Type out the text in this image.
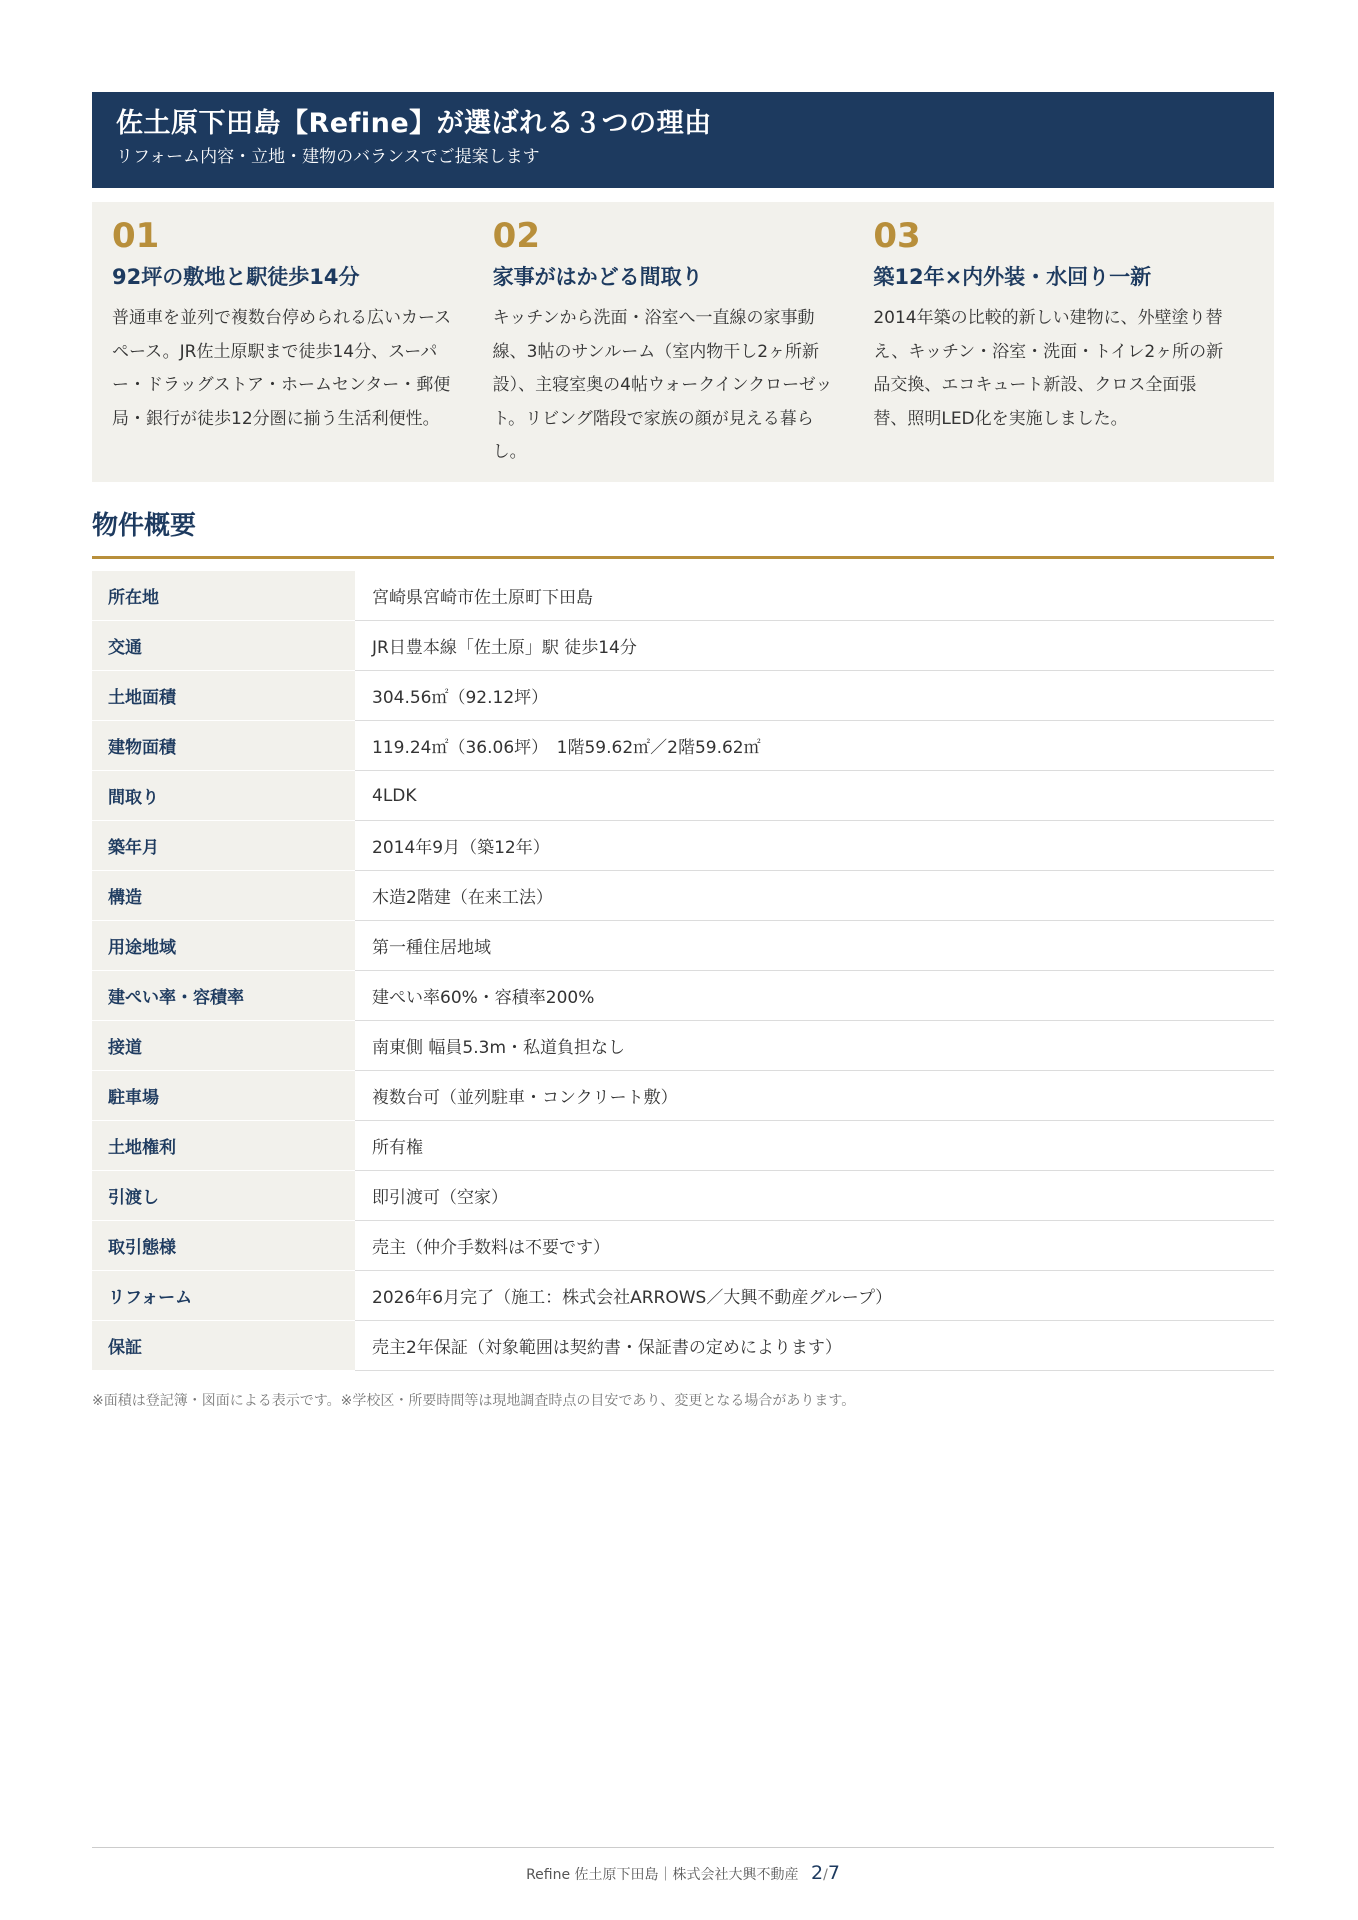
佐土原下田島【Refine】が選ばれる３つの理由
リフォーム内容・立地・建物のバランスでご提案します
01
92坪の敷地と駅徒歩14分
普通車を並列で複数台停められる広いカースペース。JR佐土原駅まで徒歩14分、スーパー・ドラッグストア・ホームセンター・郵便局・銀行が徒歩12分圏に揃う生活利便性。
02
家事がはかどる間取り
キッチンから洗面・浴室へ一直線の家事動線、3帖のサンルーム（室内物干し2ヶ所新設）、主寝室奥の4帖ウォークインクローゼット。リビング階段で家族の顔が見える暮らし。
03
築12年×内外装・水回り一新
2014年築の比較的新しい建物に、外壁塗り替え、キッチン・浴室・洗面・トイレ2ヶ所の新品交換、エコキュート新設、クロス全面張替、照明LED化を実施しました。
物件概要
所在地	宮崎県宮崎市佐土原町下田島
交通	JR日豊本線「佐土原」駅 徒歩14分
土地面積	304.56㎡（92.12坪）
建物面積	119.24㎡（36.06坪）　1階59.62㎡／2階59.62㎡
間取り	4LDK
築年月	2014年9月（築12年）
構造	木造2階建（在来工法）
用途地域	第一種住居地域
建ぺい率・容積率	建ぺい率60%・容積率200%
接道	南東側 幅員5.3m・私道負担なし
駐車場	複数台可（並列駐車・コンクリート敷）
土地権利	所有権
引渡し	即引渡可（空家）
取引態様	売主（仲介手数料は不要です）
リフォーム	2026年6月完了（施工：株式会社ARROWS／大興不動産グループ）
保証	売主2年保証（対象範囲は契約書・保証書の定めによります）
※面積は登記簿・図面による表示です。※学校区・所要時間等は現地調査時点の目安であり、変更となる場合があります。
Refine 佐土原下田島｜株式会社大興不動産 2/7
